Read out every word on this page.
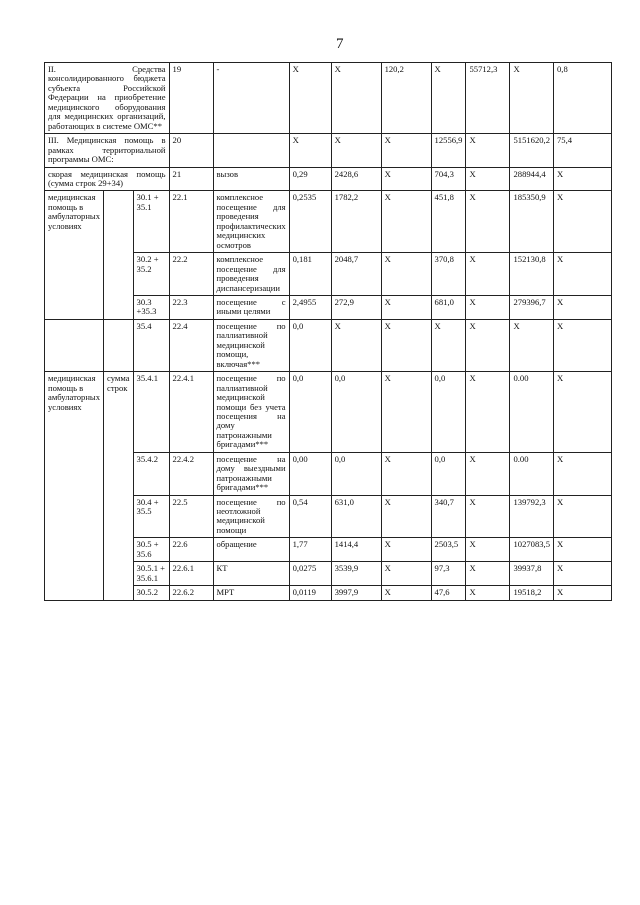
7
II. Средства консолидированного бюджета субъекта Российской Федерации на приобретение медицинского оборудования для медицинских организаций, работающих в системе ОМС**			19	-	X	X	120,2	X	55712,3	X	0,8
III. Медицинская помощь в рамках территориальной программы ОМС:			20		X	X	X	12556,9	X	5151620,2	75,4
скорая медицинская помощь (сумма строк 29+34)			21	вызов	0,29	2428,6	X	704,3	X	288944,4	X
медицинская помощь в амбулаторных условиях		30.1 + 35.1	22.1	комплексное посещение для проведения профилактических медицинских осмотров	0,2535	1782,2	X	451,8	X	185350,9	X
		30.2 + 35.2	22.2	комплексное посещение для проведения диспансеризации	0,181	2048,7	X	370,8	X	152130,8	X
		30.3 +35.3	22.3	посещение с иными целями	2,4955	272,9	X	681,0	X	279396,7	X
		35.4	22.4	посещение по паллиативной медицинской помощи, включая***	0,0	X	X	X	X	X	X
медицинская помощь в амбулаторных условиях	сумма строк	35.4.1	22.4.1	посещение по паллиативной медицинской помощи без учета посещения на дому патронажными бригадами***	0,0	0,0	X	0,0	X	0.00	X
		35.4.2	22.4.2	посещение на дому выездными патронажными бригадами***	0,00	0,0	X	0,0	X	0.00	X
		30.4 + 35.5	22.5	посещение по неотложной медицинской помощи	0,54	631,0	X	340,7	X	139792,3	X
		30.5 + 35.6	22.6	обращение	1,77	1414,4	X	2503,5	X	1027083,5	X
		30.5.1 + 35.6.1	22.6.1	КТ	0,0275	3539,9	X	97,3	X	39937,8	X
		30.5.2	22.6.2	МРТ	0,0119	3997,9	X	47,6	X	19518,2	X
